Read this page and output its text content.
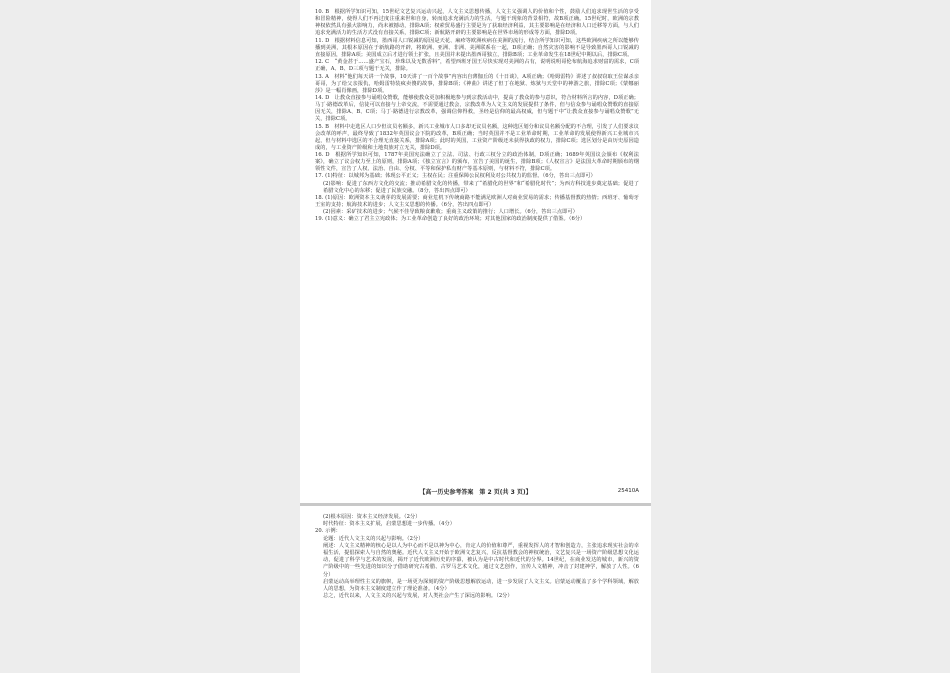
10. B　根据所学知识可知，15世纪文艺复兴运动兴起，人文主义思想传播，人文主义强调人的价值和个性，鼓励人们追求现世生活的享受和冒险精神，使得人们不再过度注重来世和自身，转而追求充满活力的生活，与题干现象的背景相符，故B项正确。15世纪时，欧洲的宗教神权依然具有强大影响力，尚未被撼动，排除A项；权索贸易盛行主要是为了获取经济利益，其主要影响是在经济和人口迁移等方面，与人们追求充满活力的生活方式没有直接关系，排除C项；新航路开辟的主要影响是在世界市场的形成等方面，排除D项。

11. D　根据材料信息可知，墨西哥人口锐减的原因是天花、麻疹等欧洲疾病在美洲的流行，结合所学知识可知，这些欧洲疾病之所以能够传播到美洲，其根本原因在于新航路的开辟，将欧洲、亚洲、非洲、美洲联系在一起，D项正确；自然灾害的影响不是导致墨西哥人口锐减的直接原因，排除A项；美国成立后才进行领土扩张，且美国并未提出墨西哥独立，排除B项；工业革命发生在18世纪中期以后，排除C项。

12. C　“黄金甚于……盛产宝石，珍珠以及无数香料”，希望西班牙国王尽快实现对美洲的占有，说明说明哥伦布航海追求财富的需求，C项正确，A、B、D三项与题干无关，排除。

13. A　材料“他们每天讲一个故事，10天讲了一百个故事”内容出自薄伽丘的《十日谈》，A项正确；《哈姆雷特》讲述了叔叔窃取王位谋杀亲哥哥，为了给父亲报仇，哈姆雷特装疯卖傻的故事，排除B项；《神曲》讲述了但丁在地狱、炼狱与天堂中的神游之旅，排除C项；《蒙娜丽莎》是一幅肖像画，排除D项。

14. D　让教众直接参与诵唱众赞歌，能够使教众更加积极地参与到宗教活动中，提高了教众的参与意识，符合材料所言的内容，D项正确；马丁·路德改革后，信徒可以直接与上帝交流，不需要通过教会，宗教改革为人文主义的发展提供了条件，但与信众参与诵唱众赞歌的直接原因无关，排除A、B、C项；马丁·路德进行宗教改革，强调信仰得救，圣经是信仰的最高权威，但与题干中“让教众直接参与诵唱众赞歌”无关，排除C项。

15. B　材料中走选区人口少但议员名额多，新兴工业城市人口多却无议员名额，这种选区划分和议员名额分配的不合理，引发了人们要求议会改革的呼声，最终导致了1832年英国议会下院的改革，B项正确；当时英国并不是工业革命时期，工业革命的发展使得新兴工业城市兴起，但与材料中选区的不合理无直接关系，排除A项；此时的英国，工业资产阶级还未获得执政的权力，排除C项；选区划分是由历史原因造成的，与工业资产阶级和土地贵族对立无关，排除D项。

16. D　根据所学知识可知，1787年美国宪法确立了立法、司法、行政三权分立的政治体制，D项正确；1689年英国议会颁布《权利法案》，确立了议会权力至上的原则，排除A项；《独立宣言》的颁布，宣告了美国的诞生，排除B项；《人权宣言》是法国大革命时期颁布的纲领性文件，宣告了人权、法治、自由、分权、平等和保护私有财产等基本原则，与材料不符，排除C项。

17. (1)特征：以城邦为基础；体现公平正义；主权在民；注重保障公民权利及对公共权力的监督。（6分，答出三点即可）

(2)影响：促进了东西方文化的交流；推动希腊文化的传播，带来了“希腊化的世界”和“希腊化时代”；为西方科技进步奠定基础；促进了希腊文化中心的东移；促进了民族交融。（8分，答出四点即可）

18. (1)原因：欧洲资本主义萌芽的发展需要；商业危机下传统商路不能满足欧洲人对商业贸易的需求；传播基督教的热情；西班牙、葡萄牙王室的支持；航海技术的进步；人文主义思想的传播。（6分，答出四点即可）

(2)因素：采矿技术的进步；气候不佳导致粮食歉收；重商主义政策的推行；人口增长。（6分，答出三点即可）

19. (1)意义：确立了君主立宪政体；为工业革命创造了良好的政治环境；对其他国家的政治制度提供了借鉴。（6分）

【高一历史参考答案　第 2 页(共 3 页)】	25410A

(2)根本原因：资本主义经济发展。（2分）

时代特征：资本主义扩展，启蒙思想进一步传播。（4分）

20. 示例：

论题：近代人文主义的兴起与影响。（2分）

阐述：人文主义精神的核心是以人为中心而不是以神为中心，肯定人的价值和尊严，重视发挥人的才智和创造力，主张追求现实社会的幸福生活，提倡探索人与自然的奥秘。近代人文主义开始于欧洲文艺复兴，反抗基督教会的神权统治，文艺复兴是一场资产阶级思想文化运动，促进了科学与艺术的发展，揭开了近代欧洲历史的序幕，被认为是中古时代和近代的分界。14世纪，在商业发达的城市，新兴的资产阶级中的一些先进的知识分子借助研究古希腊、古罗马艺术文化，通过文艺创作，宣传人文精神，冲击了封建神学，解放了人性。（6分）

启蒙运动高举理性主义的旗帜，是一场更为深刻的资产阶级思想解放运动，进一步发展了人文主义。启蒙运动覆盖了多个学科领域，解放人的思想，为资本主义制度建立作了理论准备。（4分）

总之，近代以来，人文主义的兴起与发展，对人类社会产生了深远的影响。（2分）
